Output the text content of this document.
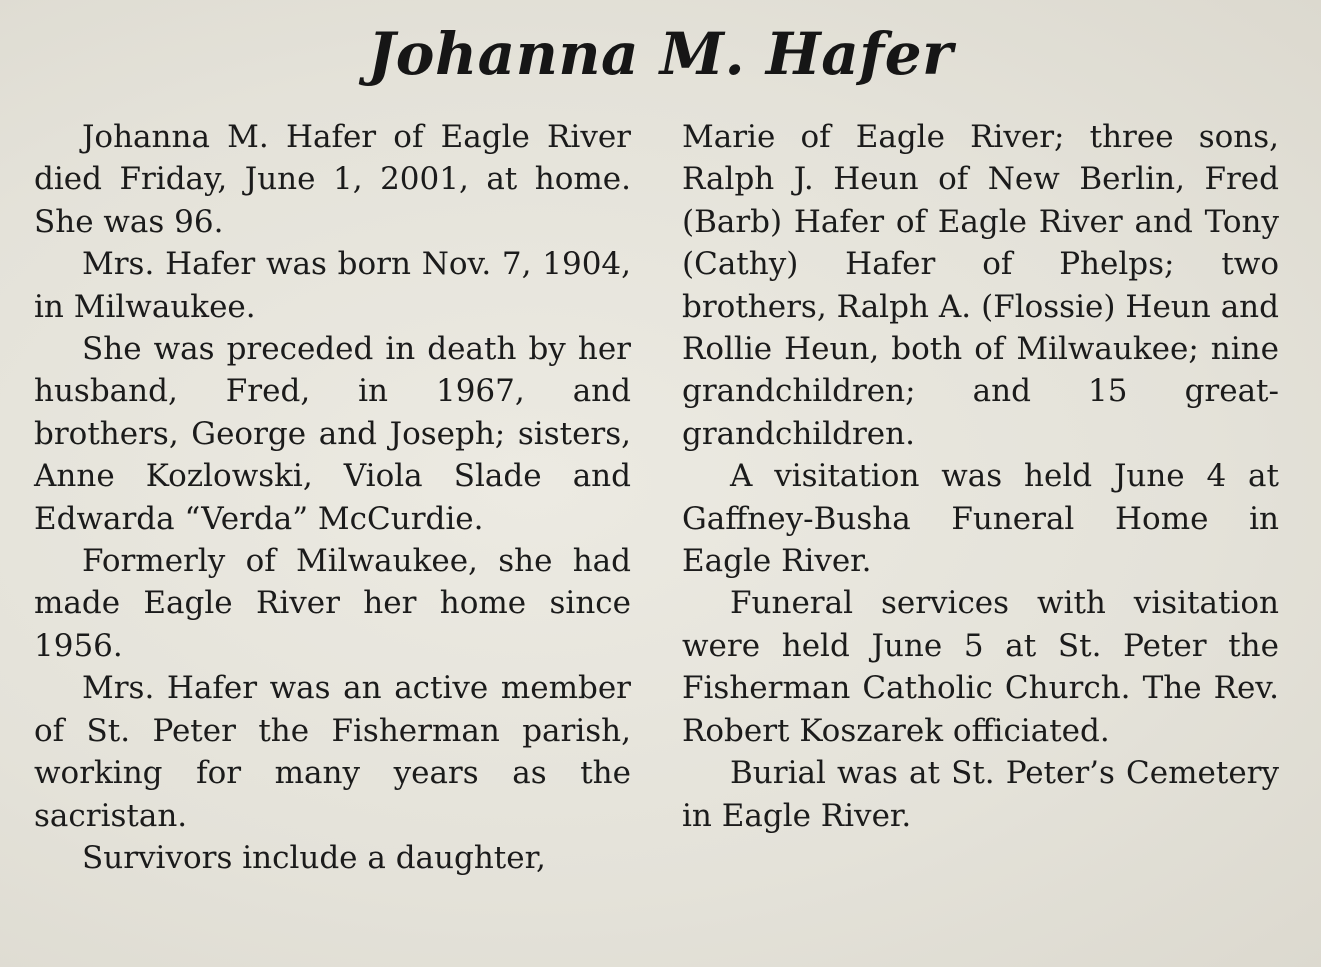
Johanna M. Hafer

Johanna M. Hafer of Eagle River died Friday, June 1, 2001, at home. She was 96.

Mrs. Hafer was born Nov. 7, 1904, in Milwaukee.

She was preceded in death by her husband, Fred, in 1967, and brothers, George and Joseph; sisters, Anne Kozlowski, Viola Slade and Edwarda “Verda” McCurdie.

Formerly of Milwaukee, she had made Eagle River her home since 1956.

Mrs. Hafer was an active member of St. Peter the Fisherman parish, working for many years as the sacristan.

Survivors include a daughter,

Marie of Eagle River; three sons, Ralph J. Heun of New Berlin, Fred (Barb) Hafer of Eagle River and Tony (Cathy) Hafer of Phelps; two brothers, Ralph A. (Flossie) Heun and Rollie Heun, both of Milwaukee; nine grandchildren; and 15 great-grandchildren.

A visitation was held June 4 at Gaffney-Busha Funeral Home in Eagle River.

Funeral services with visitation were held June 5 at St. Peter the Fisherman Catholic Church. The Rev. Robert Koszarek officiated.

Burial was at St. Peter’s Cemetery in Eagle River.
